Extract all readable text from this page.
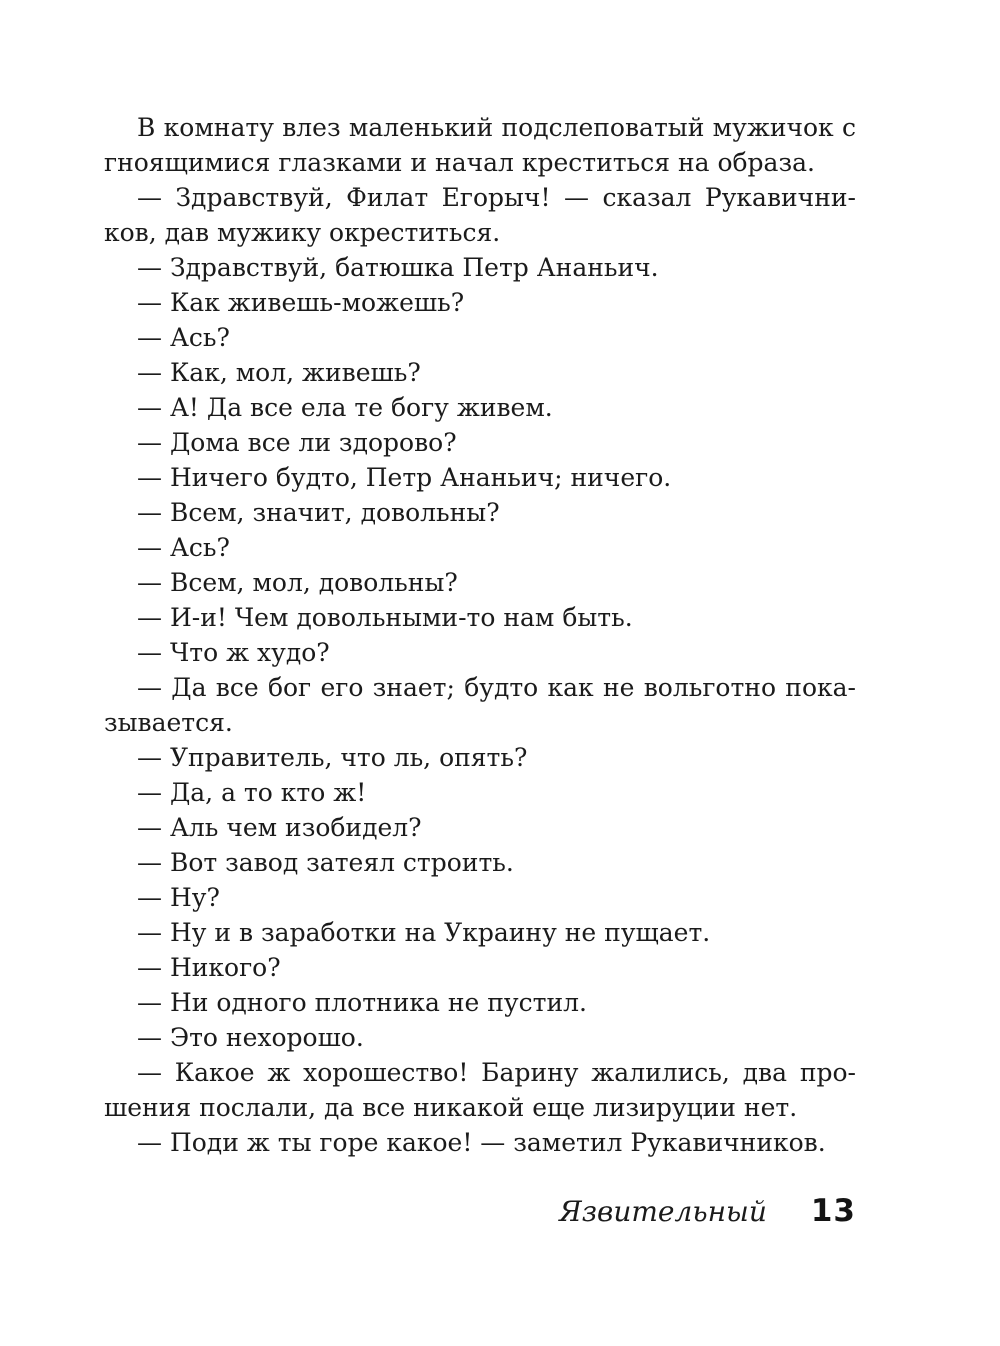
В комнату влез маленький подслеповатый мужичок с
гноящимися глазками и начал креститься на образа.
— Здравствуй, Филат Егорыч! — сказал Рукавични-
ков, дав мужику окреститься.
— Здравствуй, батюшка Петр Ананьич.
— Как живешь-можешь?
— Ась?
— Как, мол, живешь?
— А! Да все ела те богу живем.
— Дома все ли здорово?
— Ничего будто, Петр Ананьич; ничего.
— Всем, значит, довольны?
— Ась?
— Всем, мол, довольны?
— И-и! Чем довольными-то нам быть.
— Что ж худо?
— Да все бог его знает; будто как не вольготно пока-
зывается.
— Управитель, что ль, опять?
— Да, а то кто ж!
— Аль чем изобидел?
— Вот завод затеял строить.
— Ну?
— Ну и в заработки на Украину не пущает.
— Никого?
— Ни одного плотника не пустил.
— Это нехорошо.
— Какое ж хорошество! Барину жалились, два про-
шения послали, да все никакой еще лизируции нет.
— Поди ж ты горе какое! — заметил Рукавичников.
Язвительный 13
